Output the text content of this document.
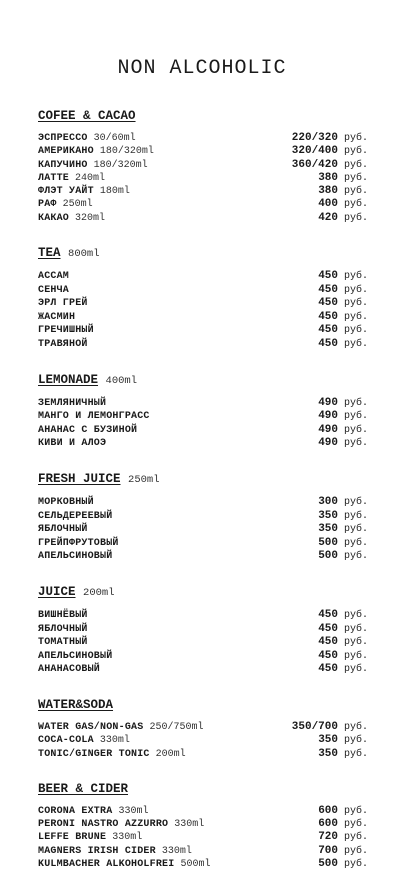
NON ALCOHOLIC
COFEE & CACAO
ЭСПРЕССО 30/60ml	220/320 руб.
АМЕРИКАНО 180/320ml	320/400 руб.
КАПУЧИНО 180/320ml	360/420 руб.
ЛАТТЕ 240ml	380 руб.
ФЛЭТ УАЙТ 180ml	380 руб.
РАФ 250ml	400 руб.
КАКАО 320ml	420 руб.
TEA 800ml
АССАМ	450 руб.
СЕНЧА	450 руб.
ЭРЛ ГРЕЙ	450 руб.
ЖАСМИН	450 руб.
ГРЕЧИШНЫЙ	450 руб.
ТРАВЯНОЙ	450 руб.
LEMONADE 400ml
ЗЕМЛЯНИЧНЫЙ	490 руб.
МАНГО И ЛЕМОНГРАСС	490 руб.
АНАНАС С БУЗИНОЙ	490 руб.
КИВИ И АЛОЭ	490 руб.
FRESH JUICE 250ml
МОРКОВНЫЙ	300 руб.
СЕЛЬДЕРЕЕВЫЙ	350 руб.
ЯБЛОЧНЫЙ	350 руб.
ГРЕЙПФРУТОВЫЙ	500 руб.
АПЕЛЬСИНОВЫЙ	500 руб.
JUICE 200ml
ВИШНЁВЫЙ	450 руб.
ЯБЛОЧНЫЙ	450 руб.
ТОМАТНЫЙ	450 руб.
АПЕЛЬСИНОВЫЙ	450 руб.
АНАНАСОВЫЙ	450 руб.
WATER&SODA
WATER GAS/NON-GAS 250/750ml	350/700 руб.
COCA-COLA 330ml	350 руб.
TONIC/GINGER TONIC 200ml	350 руб.
BEER & CIDER
CORONA EXTRA 330ml	600 руб.
PERONI NASTRO AZZURRO 330ml	600 руб.
LEFFE BRUNE 330ml	720 руб.
MAGNERS IRISH CIDER 330ml	700 руб.
KULMBACHER ALKOHOLFREI 500ml	500 руб.
